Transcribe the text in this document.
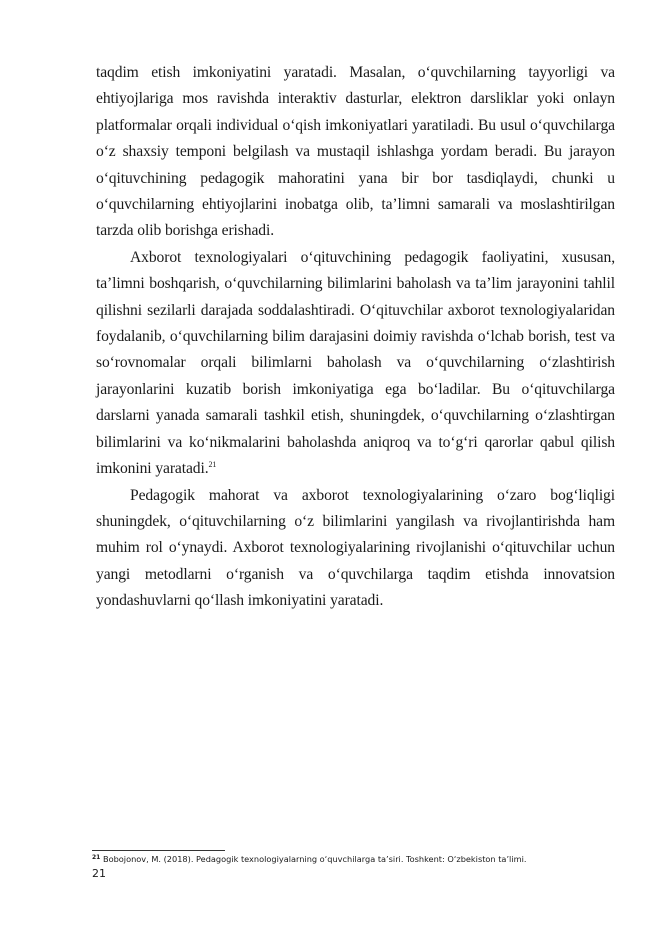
taqdim etish imkoniyatini yaratadi. Masalan, o‘quvchilarning tayyorligi va ehtiyojlariga mos ravishda interaktiv dasturlar, elektron darsliklar yoki onlayn platformalar orqali individual o‘qish imkoniyatlari yaratiladi. Bu usul o‘quvchilarga o‘z shaxsiy temponi belgilash va mustaqil ishlashga yordam beradi. Bu jarayon o‘qituvchining pedagogik mahoratini yana bir bor tasdiqlaydi, chunki u o‘quvchilarning ehtiyojlarini inobatga olib, ta’limni samarali va moslashtirilgan tarzda olib borishga erishadi.

Axborot texnologiyalari o‘qituvchining pedagogik faoliyatini, xususan, ta’limni boshqarish, o‘quvchilarning bilimlarini baholash va ta’lim jarayonini tahlil qilishni sezilarli darajada soddalashtiradi. O‘qituvchilar axborot texnologiyalaridan foydalanib, o‘quvchilarning bilim darajasini doimiy ravishda o‘lchab borish, test va so‘rovnomalar orqali bilimlarni baholash va o‘quvchilarning o‘zlashtirish jarayonlarini kuzatib borish imkoniyatiga ega bo‘ladilar. Bu o‘qituvchilarga darslarni yanada samarali tashkil etish, shuningdek, o‘quvchilarning o‘zlashtirgan bilimlarini va ko‘nikmalarini baholashda aniqroq va to‘g‘ri qarorlar qabul qilish imkonini yaratadi.$^{21}$

Pedagogik mahorat va axborot texnologiyalarining o‘zaro bog‘liqligi shuningdek, o‘qituvchilarning o‘z bilimlarini yangilash va rivojlantirishda ham muhim rol o‘ynaydi. Axborot texnologiyalarining rivojlanishi o‘qituvchilar uchun yangi metodlarni o‘rganish va o‘quvchilarga taqdim etishda innovatsion yondashuvlarni qo‘llash imkoniyatini yaratadi.

$^{21}$ Bobojonov, M. (2018). Pedagogik texnologiyalarning o‘quvchilarga ta’siri. Toshkent: O‘zbekiston ta’limi.
21
